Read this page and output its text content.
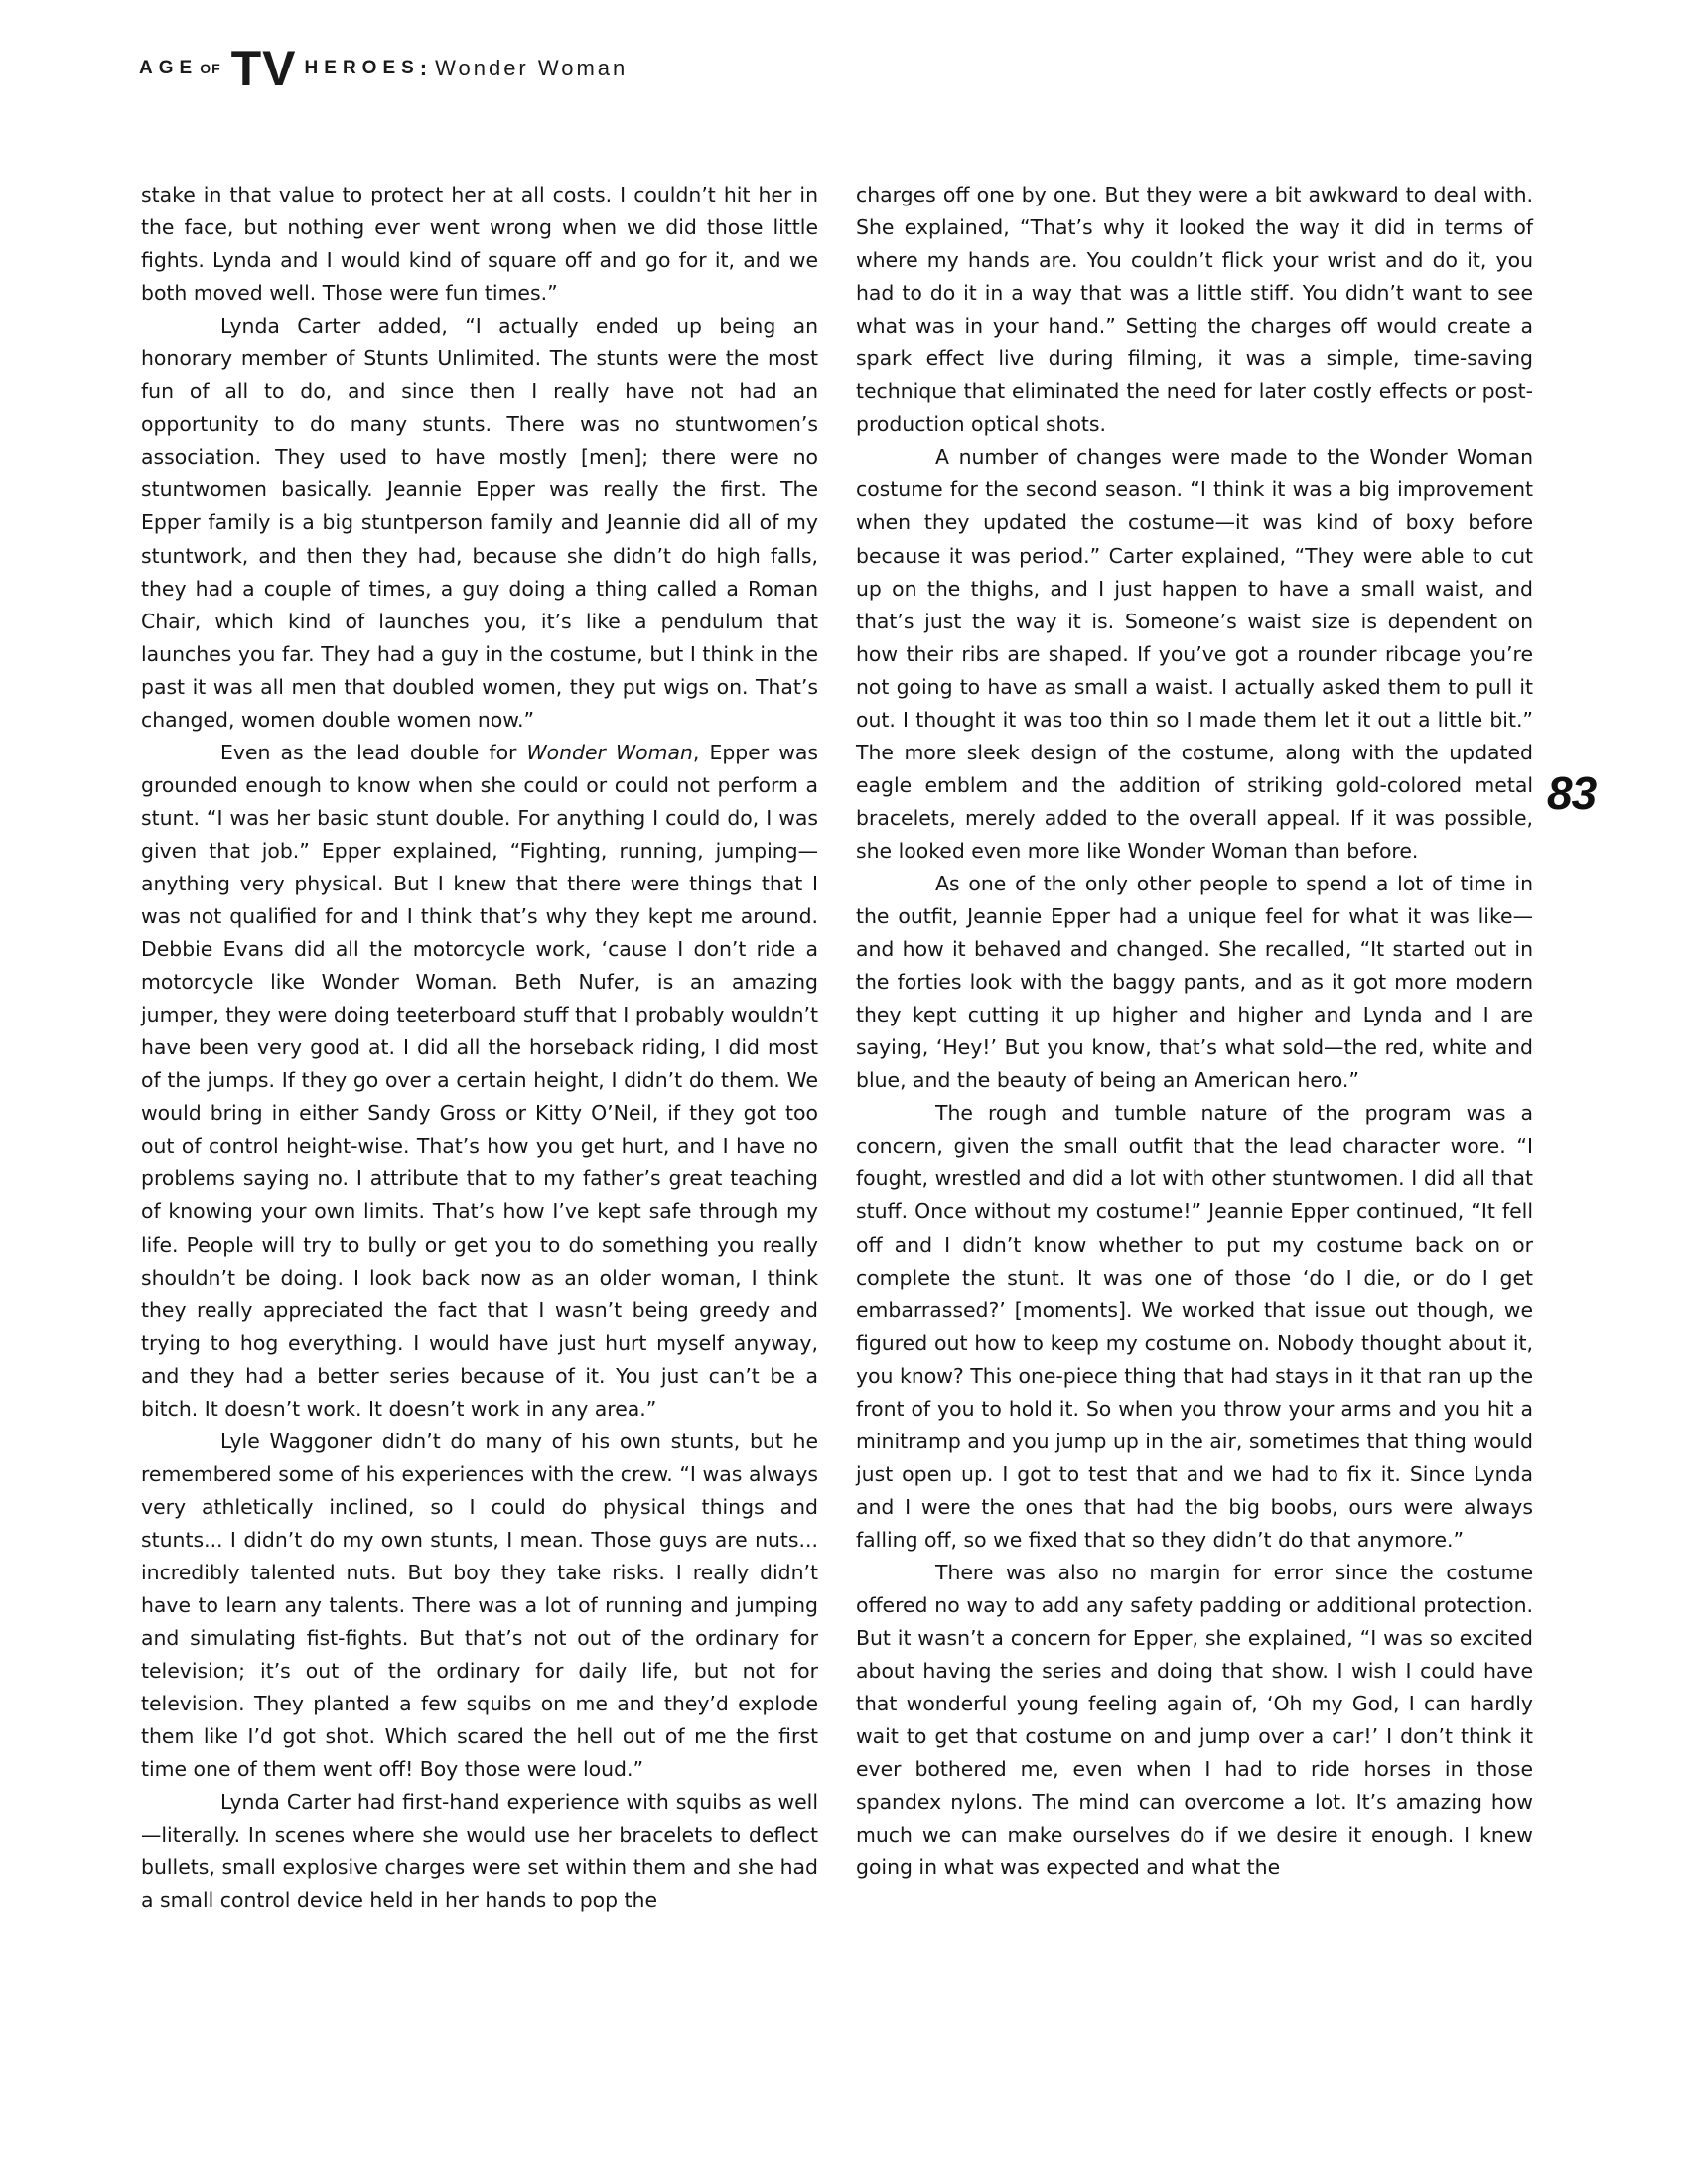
AGE OF TV HEROES : Wonder Woman

stake in that value to protect her at all costs. I couldn’t hit her in the face, but nothing ever went wrong when we did those little fights. Lynda and I would kind of square off and go for it, and we both moved well. Those were fun times.”

Lynda Carter added, “I actually ended up being an honorary member of Stunts Unlimited. The stunts were the most fun of all to do, and since then I really have not had an opportunity to do many stunts. There was no stuntwomen’s association. They used to have mostly [men]; there were no stuntwomen basically. Jeannie Epper was really the first. The Epper family is a big stuntperson family and Jeannie did all of my stuntwork, and then they had, because she didn’t do high falls, they had a couple of times, a guy doing a thing called a Roman Chair, which kind of launches you, it’s like a pendulum that launches you far. They had a guy in the costume, but I think in the past it was all men that doubled women, they put wigs on. That’s changed, women double women now.”

Even as the lead double for Wonder Woman, Epper was grounded enough to know when she could or could not perform a stunt. “I was her basic stunt double. For anything I could do, I was given that job.” Epper explained, “Fighting, running, jumping—anything very physical. But I knew that there were things that I was not qualified for and I think that’s why they kept me around. Debbie Evans did all the motorcycle work, ‘cause I don’t ride a motorcycle like Wonder Woman. Beth Nufer, is an amazing jumper, they were doing teeterboard stuff that I probably wouldn’t have been very good at. I did all the horseback riding, I did most of the jumps. If they go over a certain height, I didn’t do them. We would bring in either Sandy Gross or Kitty O’Neil, if they got too out of control height-wise. That’s how you get hurt, and I have no problems saying no. I attribute that to my father’s great teaching of knowing your own limits. That’s how I’ve kept safe through my life. People will try to bully or get you to do something you really shouldn’t be doing. I look back now as an older woman, I think they really appreciated the fact that I wasn’t being greedy and trying to hog everything. I would have just hurt myself anyway, and they had a better series because of it. You just can’t be a bitch. It doesn’t work. It doesn’t work in any area.”

Lyle Waggoner didn’t do many of his own stunts, but he remembered some of his experiences with the crew. “I was always very athletically inclined, so I could do physical things and stunts... I didn’t do my own stunts, I mean. Those guys are nuts... incredibly talented nuts. But boy they take risks. I really didn’t have to learn any talents. There was a lot of running and jumping and simulating fist-fights. But that’s not out of the ordinary for television; it’s out of the ordinary for daily life, but not for television. They planted a few squibs on me and they’d explode them like I’d got shot. Which scared the hell out of me the first time one of them went off! Boy those were loud.”

Lynda Carter had first-hand experience with squibs as well—literally. In scenes where she would use her bracelets to deflect bullets, small explosive charges were set within them and she had a small control device held in her hands to pop the

charges off one by one. But they were a bit awkward to deal with. She explained, “That’s why it looked the way it did in terms of where my hands are. You couldn’t flick your wrist and do it, you had to do it in a way that was a little stiff. You didn’t want to see what was in your hand.” Setting the charges off would create a spark effect live during filming, it was a simple, time-saving technique that eliminated the need for later costly effects or post-production optical shots.

A number of changes were made to the Wonder Woman costume for the second season. “I think it was a big improvement when they updated the costume—it was kind of boxy before because it was period.” Carter explained, “They were able to cut up on the thighs, and I just happen to have a small waist, and that’s just the way it is. Someone’s waist size is dependent on how their ribs are shaped. If you’ve got a rounder ribcage you’re not going to have as small a waist. I actually asked them to pull it out. I thought it was too thin so I made them let it out a little bit.” The more sleek design of the costume, along with the updated eagle emblem and the addition of striking gold-colored metal bracelets, merely added to the overall appeal. If it was possible, she looked even more like Wonder Woman than before.

As one of the only other people to spend a lot of time in the outfit, Jeannie Epper had a unique feel for what it was like—and how it behaved and changed. She recalled, “It started out in the forties look with the baggy pants, and as it got more modern they kept cutting it up higher and higher and Lynda and I are saying, ‘Hey!’ But you know, that’s what sold—the red, white and blue, and the beauty of being an American hero.”

The rough and tumble nature of the program was a concern, given the small outfit that the lead character wore. “I fought, wrestled and did a lot with other stuntwomen. I did all that stuff. Once without my costume!” Jeannie Epper continued, “It fell off and I didn’t know whether to put my costume back on or complete the stunt. It was one of those ‘do I die, or do I get embarrassed?’ [moments]. We worked that issue out though, we figured out how to keep my costume on. Nobody thought about it, you know? This one-piece thing that had stays in it that ran up the front of you to hold it. So when you throw your arms and you hit a minitramp and you jump up in the air, sometimes that thing would just open up. I got to test that and we had to fix it. Since Lynda and I were the ones that had the big boobs, ours were always falling off, so we fixed that so they didn’t do that anymore.”

There was also no margin for error since the costume offered no way to add any safety padding or additional protection. But it wasn’t a concern for Epper, she explained, “I was so excited about having the series and doing that show. I wish I could have that wonderful young feeling again of, ‘Oh my God, I can hardly wait to get that costume on and jump over a car!’ I don’t think it ever bothered me, even when I had to ride horses in those spandex nylons. The mind can overcome a lot. It’s amazing how much we can make ourselves do if we desire it enough. I knew going in what was expected and what the

83
